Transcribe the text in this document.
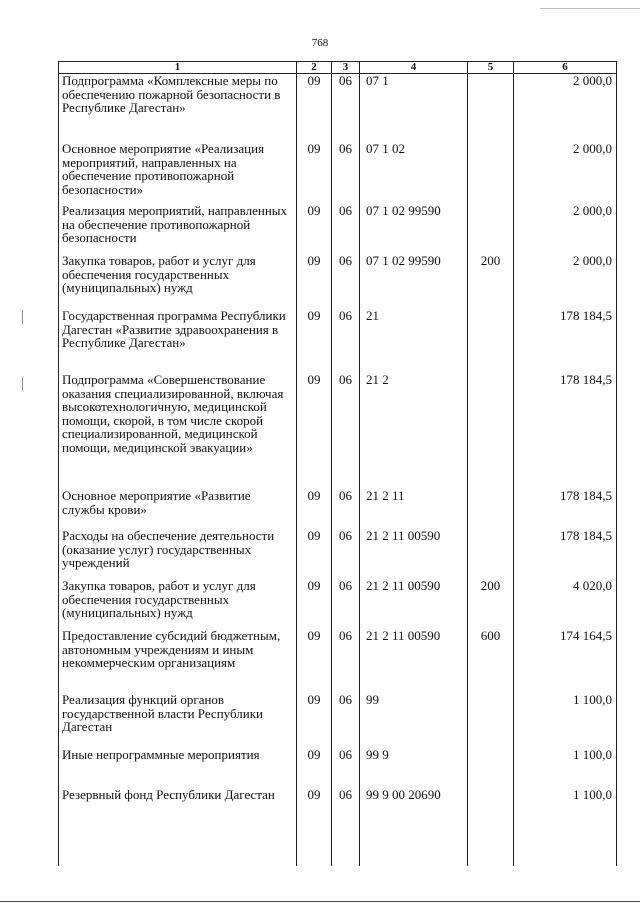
768
1	2	3	4	5	6
Подпрограмма «Комплексные меры по обеспечению пожарной безопасности в Республике Дагестан»	09	06	07 1		2 000,0
Основное мероприятие «Реализация мероприятий, направленных на обеспечение противопожарной безопасности»	09	06	07 1 02		2 000,0
Реализация мероприятий, направленных на обеспечение противопожарной безопасности	09	06	07 1 02 99590		2 000,0
Закупка товаров, работ и услуг для обеспечения государственных (муниципальных) нужд	09	06	07 1 02 99590	200	2 000,0
Государственная программа Республики Дагестан «Развитие здравоохранения в Республике Дагестан»	09	06	21		178 184,5
Подпрограмма «Совершенствование оказания специализированной, включая высокотехнологичную, медицинской помощи, скорой, в том числе скорой специализированной, медицинской помощи, медицинской эвакуации»	09	06	21 2		178 184,5
Основное мероприятие «Развитие службы крови»	09	06	21 2 11		178 184,5
Расходы на обеспечение деятельности (оказание услуг) государственных учреждений	09	06	21 2 11 00590		178 184,5
Закупка товаров, работ и услуг для обеспечения государственных (муниципальных) нужд	09	06	21 2 11 00590	200	4 020,0
Предоставление субсидий бюджетным, автономным учреждениям и иным некоммерческим организациям	09	06	21 2 11 00590	600	174 164,5
Реализация функций органов государственной власти Республики Дагестан	09	06	99		1 100,0
Иные непрограммные мероприятия	09	06	99 9		1 100,0
Резервный фонд Республики Дагестан	09	06	99 9 00 20690		1 100,0
